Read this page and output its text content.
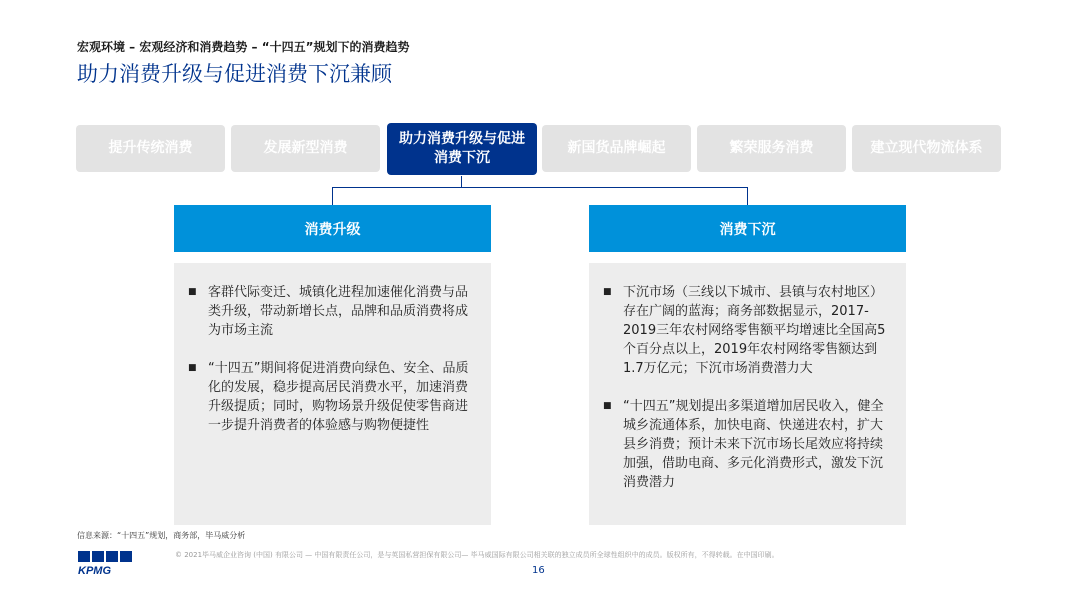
宏观环境 – 宏观经济和消费趋势 – “十四五”规划下的消费趋势
助力消费升级与促进消费下沉兼顾
提升传统消费	发展新型消费
助力消费升级与促进消费下沉
新国货品牌崛起	繁荣服务消费	建立现代物流体系
消费升级	消费下沉
■ 客群代际变迁、城镇化进程加速催化消费与品类升级，带动新增长点，品牌和品质消费将成为市场主流
■ “十四五”期间将促进消费向绿色、安全、品质化的发展，稳步提高居民消费水平，加速消费升级提质；同时，购物场景升级促使零售商进一步提升消费者的体验感与购物便捷性
■ 下沉市场（三线以下城市、县镇与农村地区）存在广阔的蓝海；商务部数据显示，2017-2019三年农村网络零售额平均增速比全国高5个百分点以上，2019年农村网络零售额达到1.7万亿元；下沉市场消费潜力大
■ “十四五”规划提出多渠道增加居民收入，健全城乡流通体系，加快电商、快递进农村，扩大县乡消费；预计未来下沉市场长尾效应将持续加强，借助电商、多元化消费形式，激发下沉消费潜力
信息来源：“十四五”规划，商务部，毕马威分析
KPMG
© 2021毕马威企业咨询 (中国) 有限公司 — 中国有限责任公司，是与英国私营担保有限公司— 毕马威国际有限公司相关联的独立成员所全球性组织中的成员。版权所有，不得转载。在中国印刷。
16
